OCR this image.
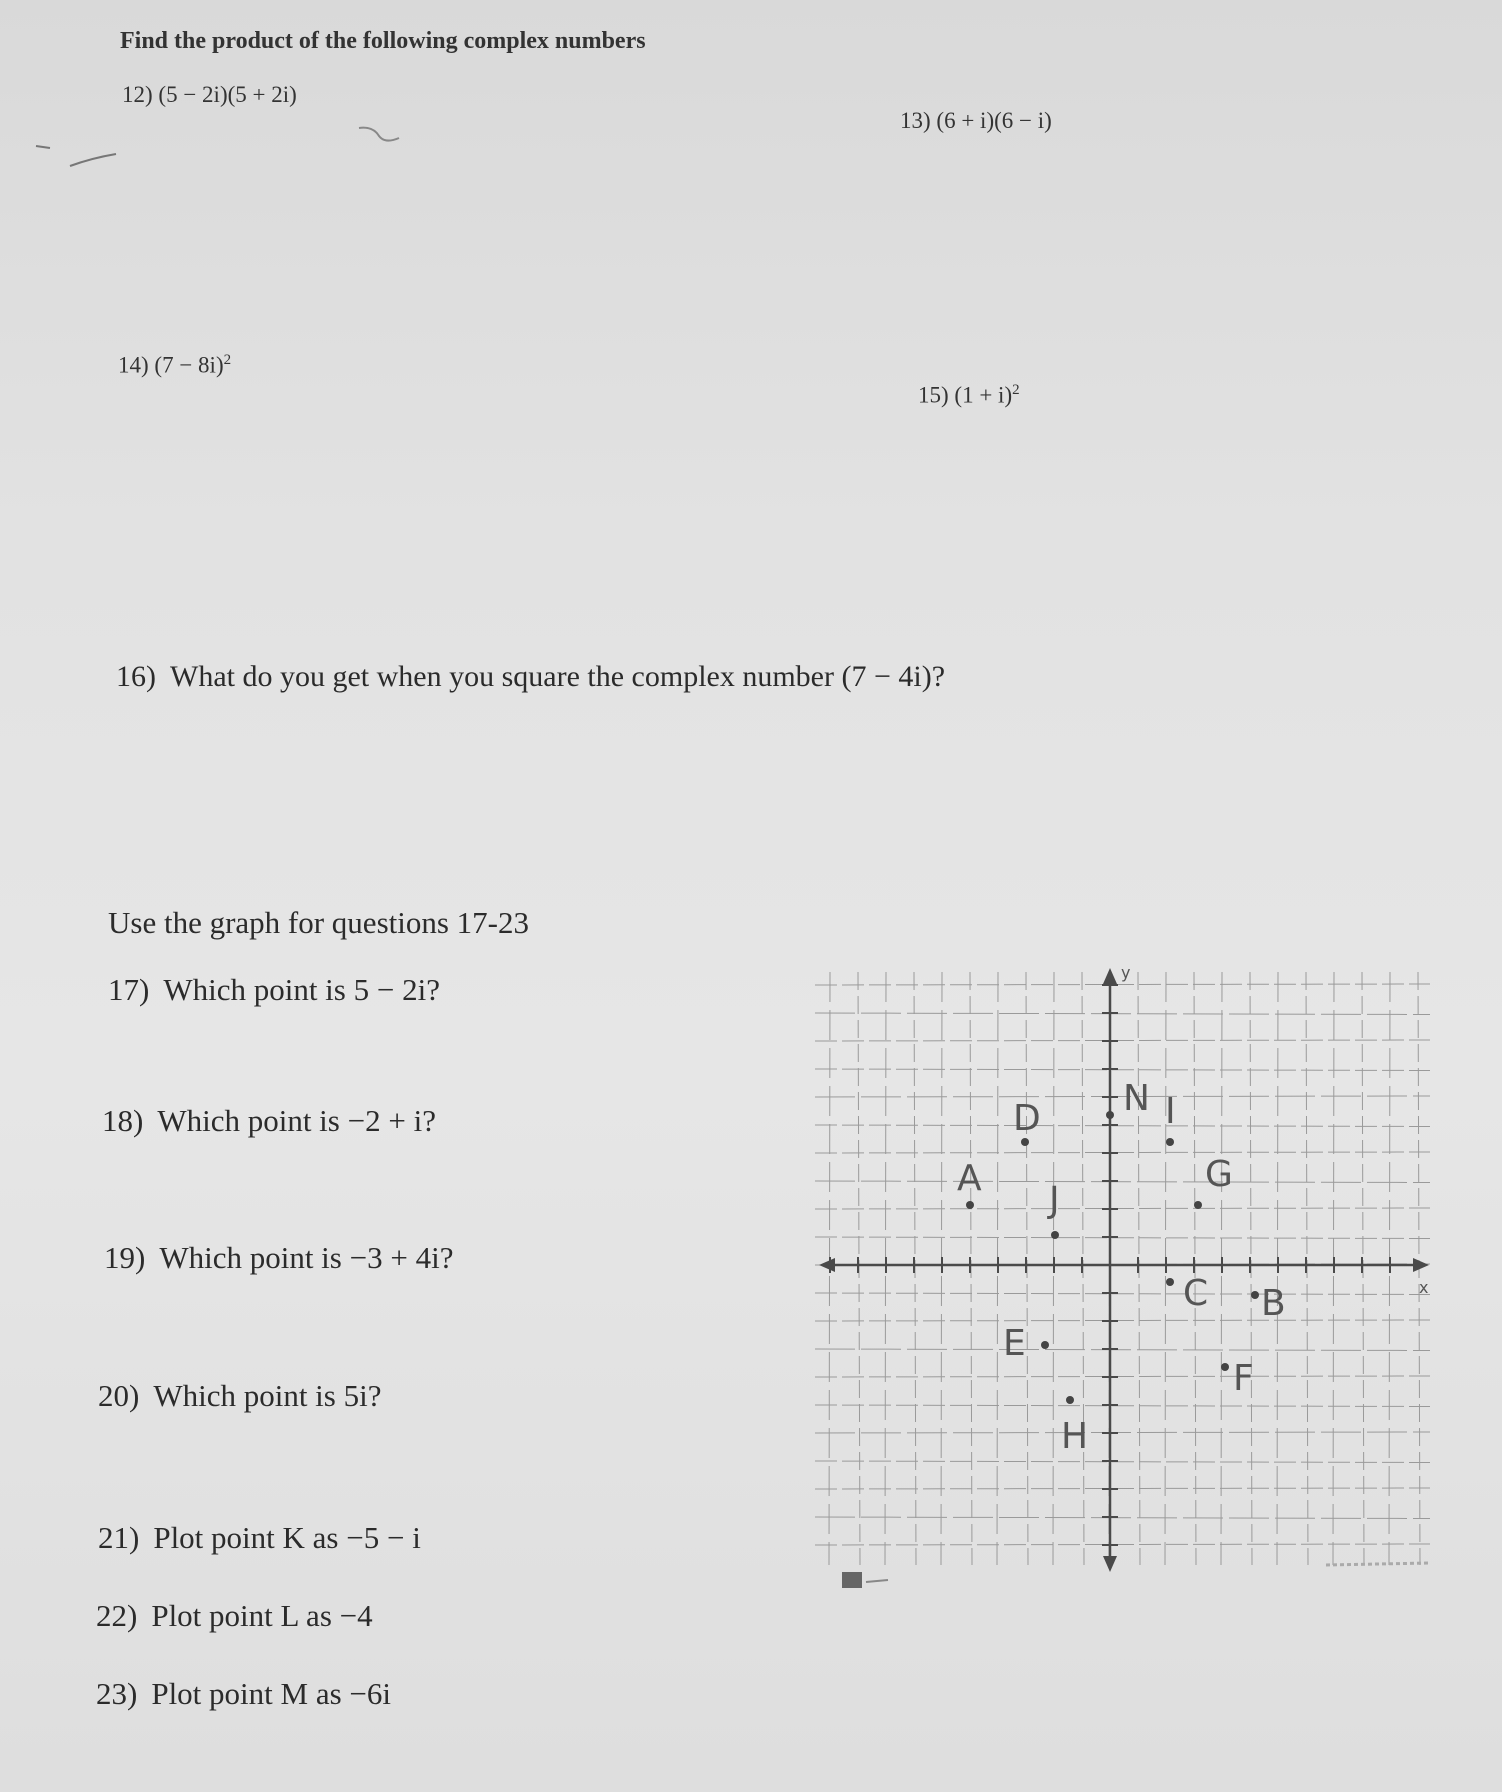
Find the product of the following complex numbers
12) (5 − 2i)(5 + 2i)
13) (6 + i)(6 − i)
14) $(7 - 8i)^2$
15) $(1 + i)^2$
16) What do you get when you square the complex number (7 − 4i)?
Use the graph for questions 17-23
17) Which point is 5 − 2i?
18) Which point is −2 + i?
19) Which point is −3 + 4i?
20) Which point is 5i?
21) Plot point K as −5 − i
22) Plot point L as −4
23) Plot point M as −6i
x
y
N I
D
A
J
G
C B
E
F
H
